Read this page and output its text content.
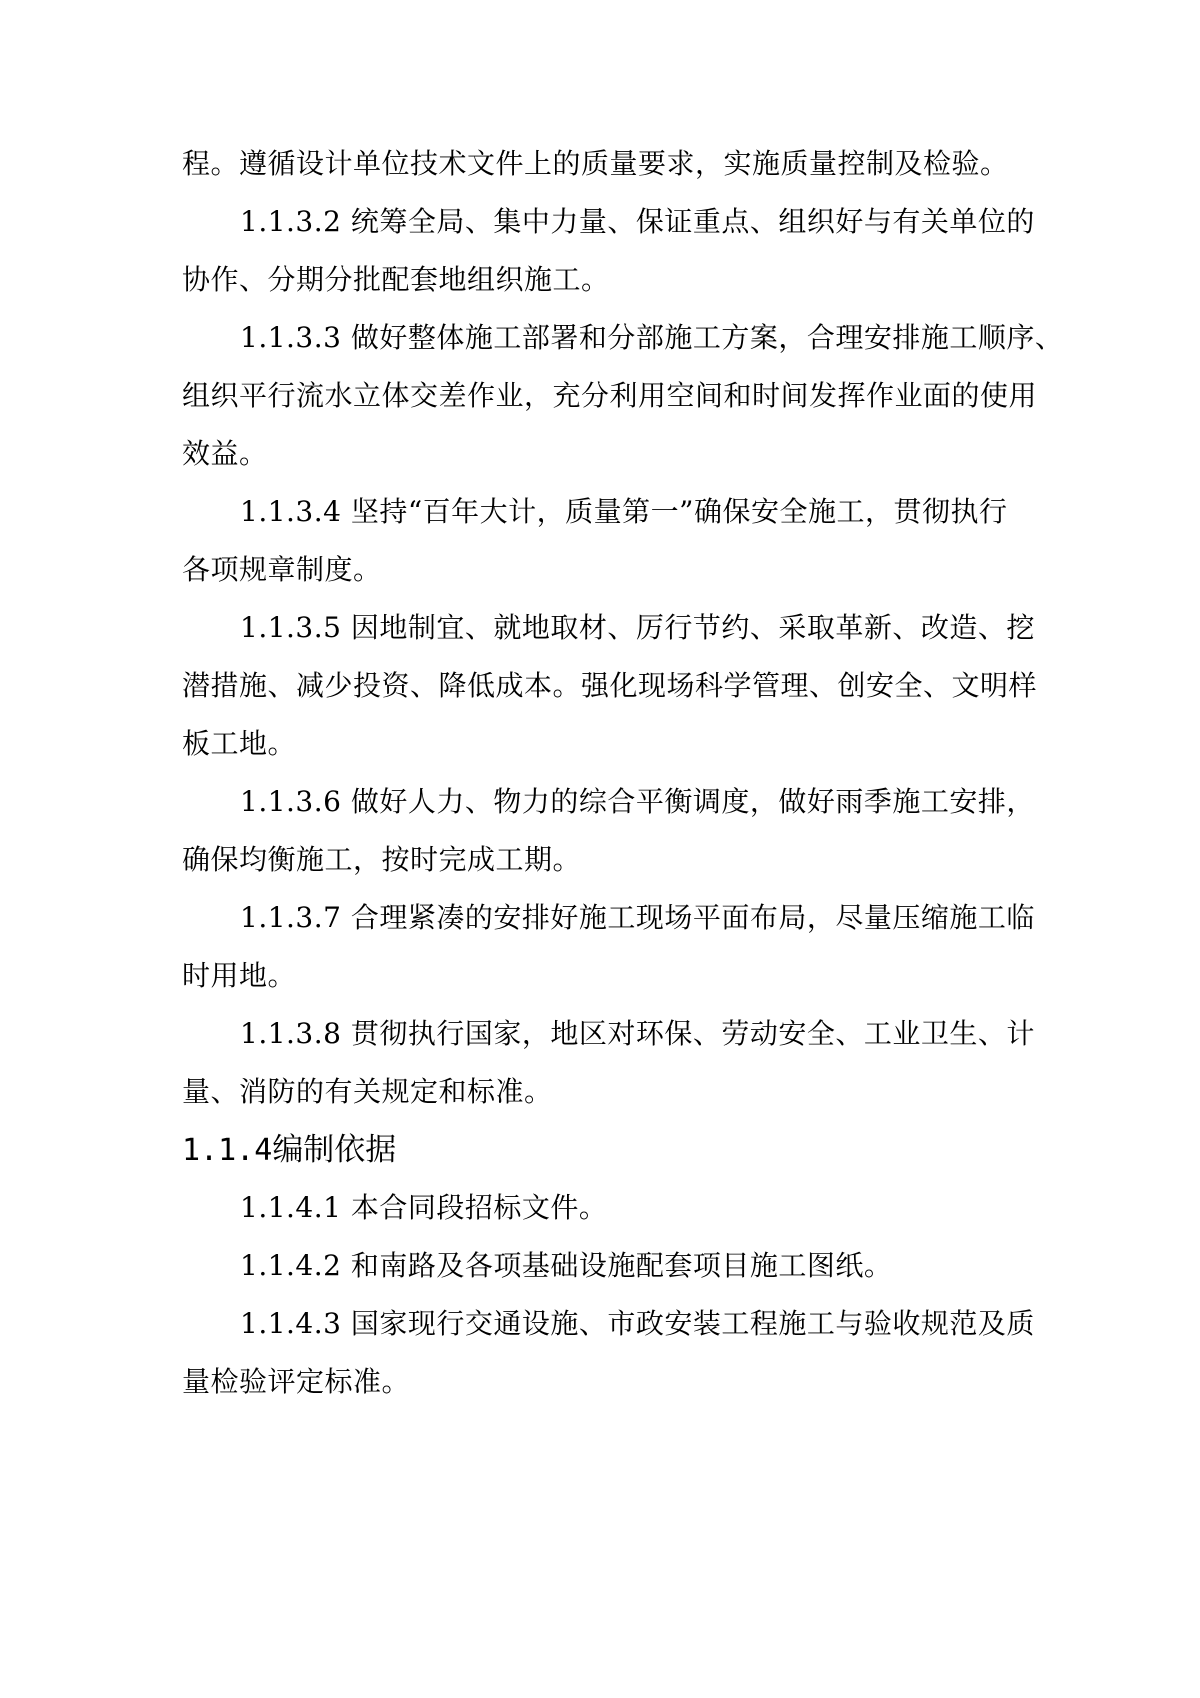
程。遵循设计单位技术文件上的质量要求，实施质量控制及检验。
1.1.3.2 统筹全局、集中力量、保证重点、组织好与有关单位的
协作、分期分批配套地组织施工。
1.1.3.3 做好整体施工部署和分部施工方案，合理安排施工顺序、
组织平行流水立体交差作业，充分利用空间和时间发挥作业面的使用
效益。
1.1.3.4 坚持“百年大计，质量第一”确保安全施工，贯彻执行
各项规章制度。
1.1.3.5 因地制宜、就地取材、厉行节约、采取革新、改造、挖
潜措施、减少投资、降低成本。强化现场科学管理、创安全、文明样
板工地。
1.1.3.6 做好人力、物力的综合平衡调度，做好雨季施工安排，
确保均衡施工，按时完成工期。
1.1.3.7 合理紧凑的安排好施工现场平面布局，尽量压缩施工临
时用地。
1.1.3.8 贯彻执行国家，地区对环保、劳动安全、工业卫生、计
量、消防的有关规定和标准。
1.1.4编制依据
1.1.4.1 本合同段招标文件。
1.1.4.2 和南路及各项基础设施配套项目施工图纸。
1.1.4.3 国家现行交通设施、市政安装工程施工与验收规范及质
量检验评定标准。
